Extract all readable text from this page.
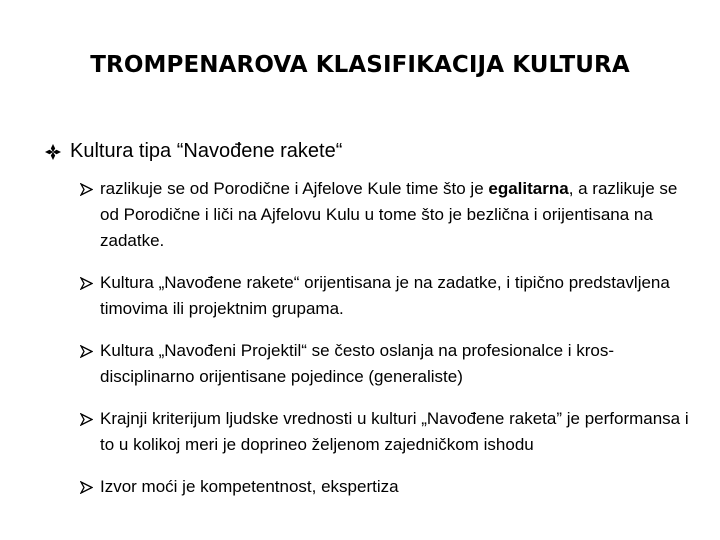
TROMPENAROVA KLASIFIKACIJA KULTURA
Kultura tipa “Navođene rakete“
razlikuje se od Porodične i Ajfelove Kule time što je egalitarna, a razlikuje se od Porodične i liči na Ajfelovu Kulu u tome što je bezlična i orijentisana na zadatke.
Kultura „Navođene rakete“ orijentisana je na zadatke, i tipično predstavljena timovima ili projektnim grupama.
Kultura „Navođeni Projektil“ se često oslanja na profesionalce i kros-disciplinarno orijentisane pojedince (generaliste)
Krajnji kriterijum ljudske vrednosti u kulturi „Navođene raketa” je performansa i to u kolikoj meri je doprineo željenom zajedničkom ishodu
Izvor moći je kompetentnost, ekspertiza
